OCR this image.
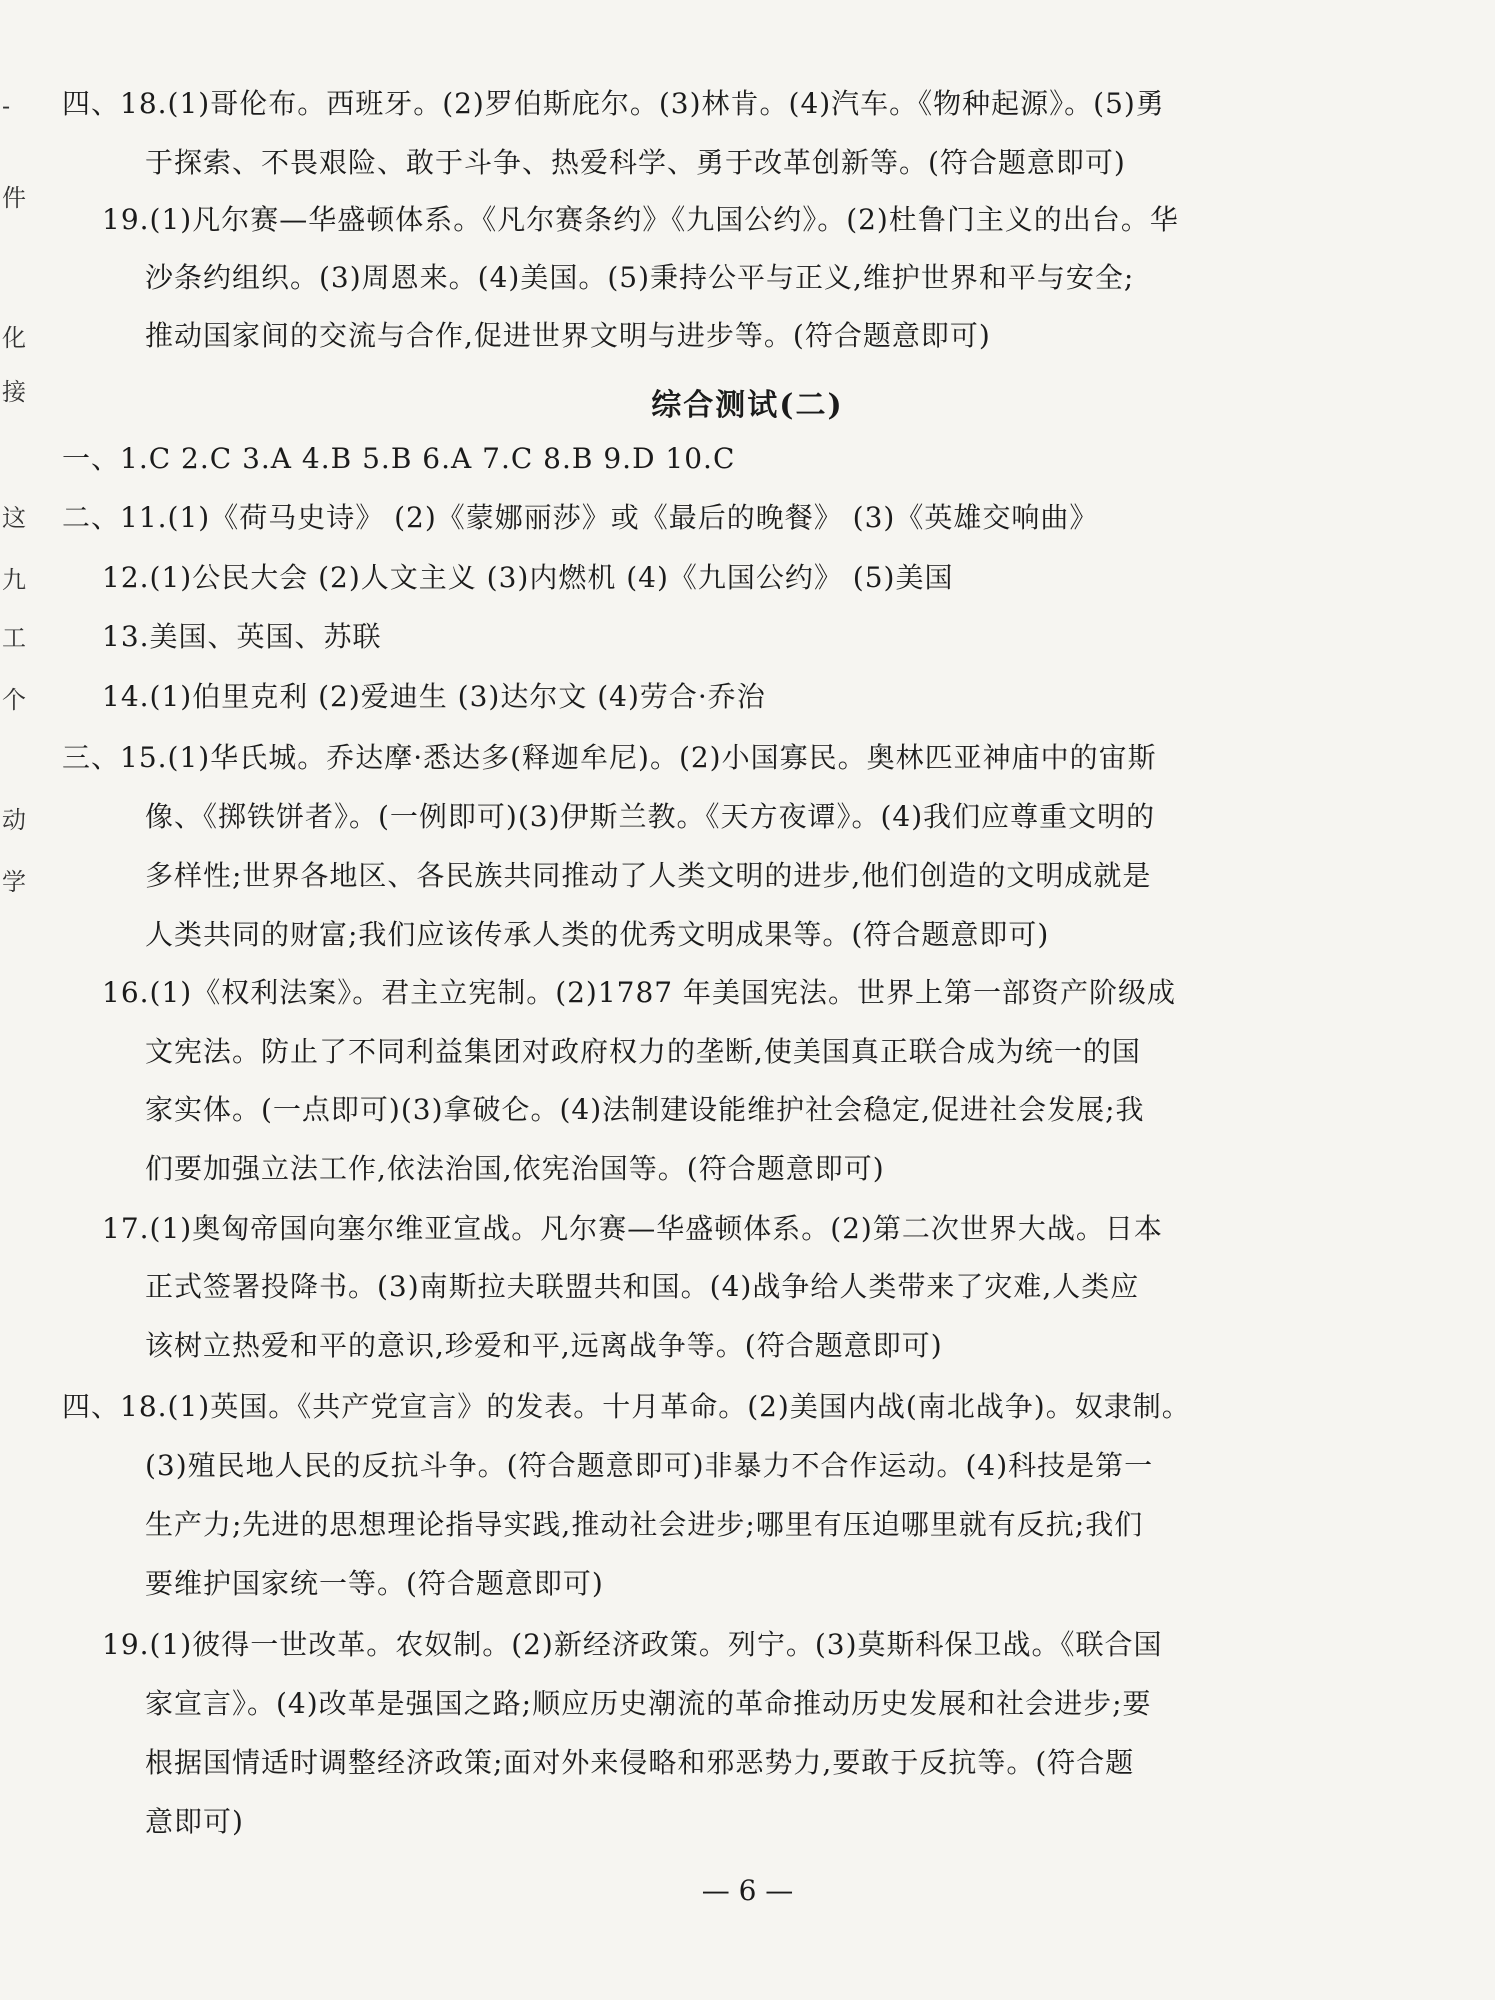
-
件
化
接
这
九
工
个
动
学
四、18.(1)哥伦布。西班牙。(2)罗伯斯庇尔。(3)林肯。(4)汽车。《物种起源》。(5)勇
于探索、不畏艰险、敢于斗争、热爱科学、勇于改革创新等。(符合题意即可)
19.(1)凡尔赛—华盛顿体系。《凡尔赛条约》《九国公约》。(2)杜鲁门主义的出台。华
沙条约组织。(3)周恩来。(4)美国。(5)秉持公平与正义,维护世界和平与安全;
推动国家间的交流与合作,促进世界文明与进步等。(符合题意即可)
综合测试(二)
一、1.C 2.C 3.A 4.B 5.B 6.A 7.C 8.B 9.D 10.C
二、11.(1)《荷马史诗》 (2)《蒙娜丽莎》或《最后的晚餐》 (3)《英雄交响曲》
12.(1)公民大会 (2)人文主义 (3)内燃机 (4)《九国公约》 (5)美国
13.美国、英国、苏联
14.(1)伯里克利 (2)爱迪生 (3)达尔文 (4)劳合·乔治
三、15.(1)华氏城。乔达摩·悉达多(释迦牟尼)。(2)小国寡民。奥林匹亚神庙中的宙斯
像、《掷铁饼者》。(一例即可)(3)伊斯兰教。《天方夜谭》。(4)我们应尊重文明的
多样性;世界各地区、各民族共同推动了人类文明的进步,他们创造的文明成就是
人类共同的财富;我们应该传承人类的优秀文明成果等。(符合题意即可)
16.(1)《权利法案》。君主立宪制。(2)1787 年美国宪法。世界上第一部资产阶级成
文宪法。防止了不同利益集团对政府权力的垄断,使美国真正联合成为统一的国
家实体。(一点即可)(3)拿破仑。(4)法制建设能维护社会稳定,促进社会发展;我
们要加强立法工作,依法治国,依宪治国等。(符合题意即可)
17.(1)奥匈帝国向塞尔维亚宣战。凡尔赛—华盛顿体系。(2)第二次世界大战。日本
正式签署投降书。(3)南斯拉夫联盟共和国。(4)战争给人类带来了灾难,人类应
该树立热爱和平的意识,珍爱和平,远离战争等。(符合题意即可)
四、18.(1)英国。《共产党宣言》的发表。十月革命。(2)美国内战(南北战争)。奴隶制。
(3)殖民地人民的反抗斗争。(符合题意即可)非暴力不合作运动。(4)科技是第一
生产力;先进的思想理论指导实践,推动社会进步;哪里有压迫哪里就有反抗;我们
要维护国家统一等。(符合题意即可)
19.(1)彼得一世改革。农奴制。(2)新经济政策。列宁。(3)莫斯科保卫战。《联合国
家宣言》。(4)改革是强国之路;顺应历史潮流的革命推动历史发展和社会进步;要
根据国情适时调整经济政策;面对外来侵略和邪恶势力,要敢于反抗等。(符合题
意即可)
— 6 —
